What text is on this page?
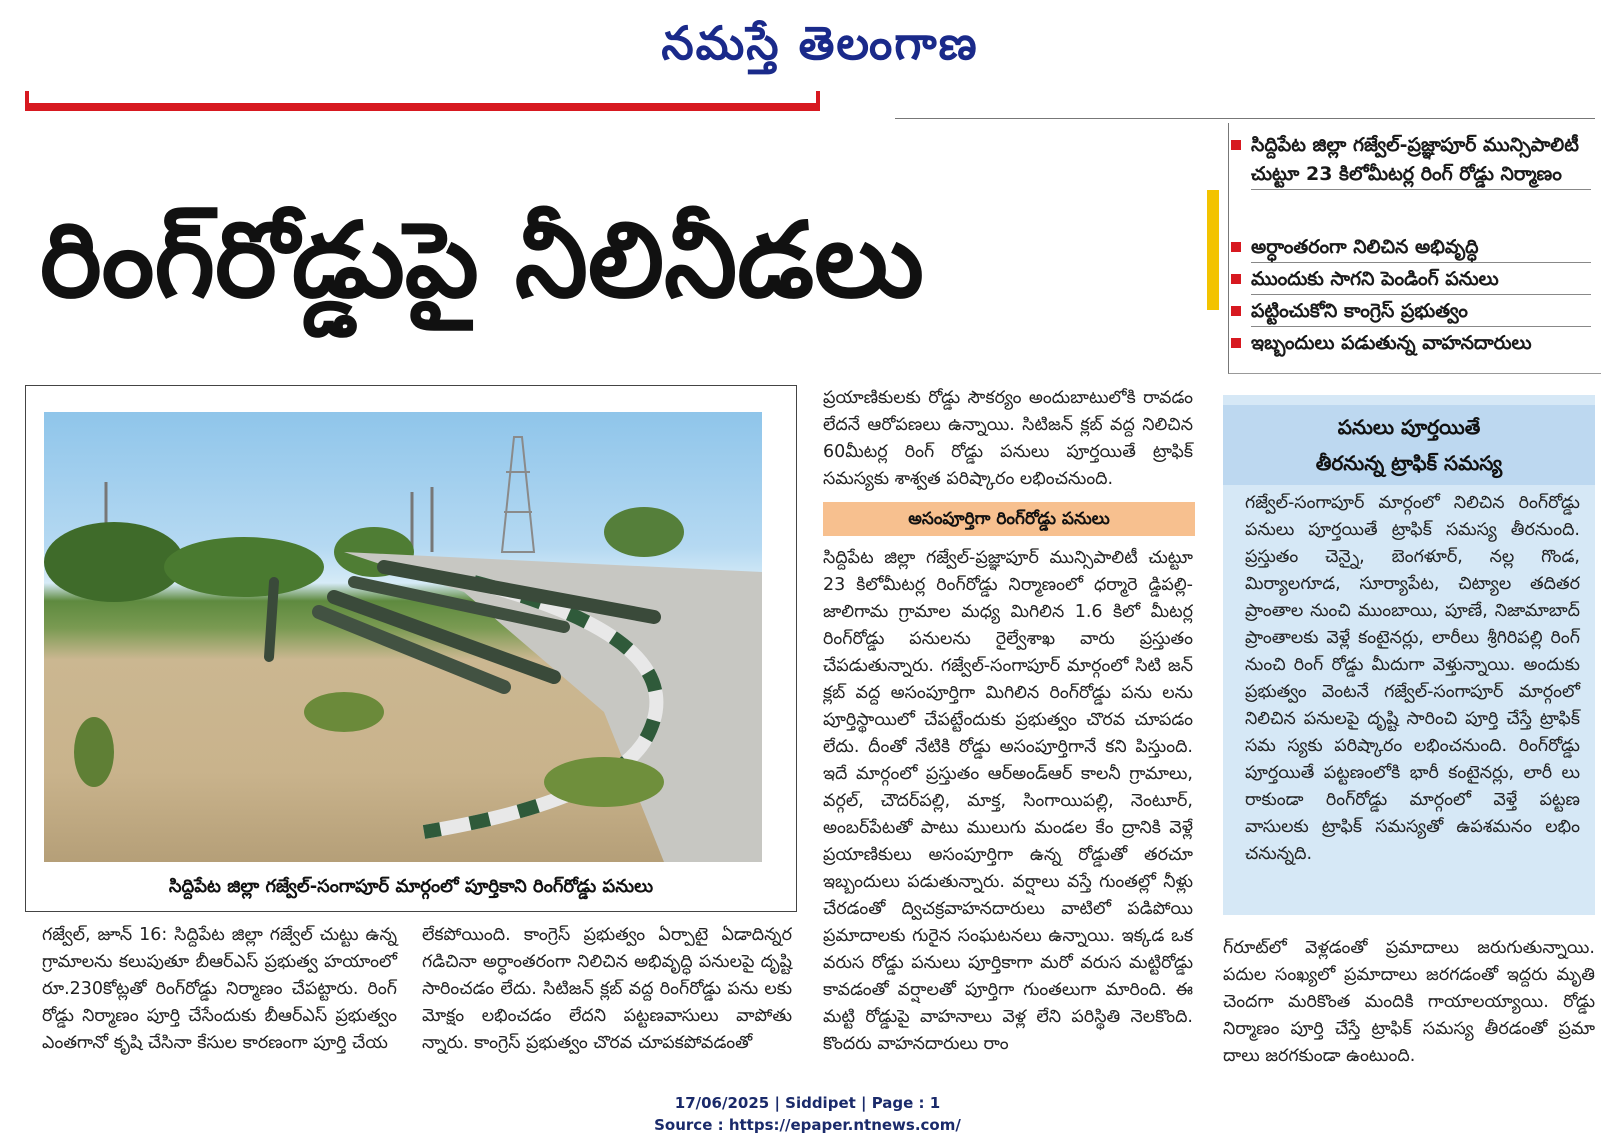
నమస్తే తెలంగాణ
రింగ్‌రోడ్డుపై నీలినీడలు
సిద్దిపేట జిల్లా గజ్వేల్‌-ప్రజ్ఞాపూర్‌ మున్సిపాలిటీ చుట్టూ 23 కిలోమీటర్ల రింగ్‌ రోడ్డు నిర్మాణం
అర్ధాంతరంగా నిలిచిన అభివృద్ధి
ముందుకు సాగని పెండింగ్‌ పనులు
పట్టించుకోని కాంగ్రెస్‌ ప్రభుత్వం
ఇబ్బందులు పడుతున్న వాహనదారులు
సిద్దిపేట జిల్లా గజ్వేల్‌-సంగాపూర్‌ మార్గంలో పూర్తికాని రింగ్‌రోడ్డు పనులు

గజ్వేల్‌, జూన్‌ 16: సిద్దిపేట జిల్లా గజ్వేల్‌ చుట్టు ఉన్న గ్రామాలను కలుపుతూ బీఆర్‌ఎస్‌ ప్రభుత్వ హయాంలో రూ.230కోట్లతో రింగ్‌రోడ్డు నిర్మాణం చేపట్టారు. రింగ్‌ రోడ్డు నిర్మాణం పూర్తి చేసేందుకు బీఆర్‌ఎస్‌ ప్రభుత్వం ఎంతగానో కృషి చేసినా కేసుల కారణంగా పూర్తి చేయ

లేకపోయింది. కాంగ్రెస్‌ ప్రభుత్వం ఏర్పాటై ఏడాదిన్నర గడిచినా అర్ధాంతరంగా నిలిచిన అభివృద్ధి పనులపై దృష్టి సారించడం లేదు. సిటిజన్‌ క్లబ్‌ వద్ద రింగ్‌రోడ్డు పను లకు మోక్షం లభించడం లేదని పట్టణవాసులు వాపోతు న్నారు. కాంగ్రెస్‌ ప్రభుత్వం చొరవ చూపకపోవడంతో

ప్రయాణికులకు రోడ్డు సౌకర్యం అందుబాటులోకి రావడం లేదనే ఆరోపణలు ఉన్నాయి. సిటిజన్‌ క్లబ్‌ వద్ద నిలిచిన 60మీటర్ల రింగ్‌ రోడ్డు పనులు పూర్తయితే ట్రాఫిక్‌ సమస్యకు శాశ్వత పరిష్కారం లభించనుంది.

అసంపూర్తిగా రింగ్‌రోడ్డు పనులు

సిద్దిపేట జిల్లా గజ్వేల్‌-ప్రజ్ఞాపూర్‌ మున్సిపాలిటీ చుట్టూ 23 కిలోమీటర్ల రింగ్‌రోడ్డు నిర్మాణంలో ధర్మారె డ్డిపల్లి-జాలిగామ గ్రామాల మధ్య మిగిలిన 1.6 కిలో మీటర్ల రింగ్‌రోడ్డు పనులను రైల్వేశాఖ వారు ప్రస్తుతం చేపడుతున్నారు. గజ్వేల్‌-సంగాపూర్‌ మార్గంలో సిటి జన్‌ క్లబ్‌ వద్ద అసంపూర్తిగా మిగిలిన రింగ్‌రోడ్డు పను లను పూర్తిస్థాయిలో చేపట్టేందుకు ప్రభుత్వం చొరవ చూపడం లేదు. దీంతో నేటికి రోడ్డు అసంపూర్తిగానే కని పిస్తుంది. ఇదే మార్గంలో ప్రస్తుతం ఆర్‌అండ్‌ఆర్‌ కాలనీ గ్రామాలు, వర్గల్‌, చౌదర్‌పల్లి, మాక్త, సింగాయిపల్లి, నెంటూర్‌, అంబర్‌పేటతో పాటు ములుగు మండల కేం ద్రానికి వెళ్లే ప్రయాణికులు అసంపూర్తిగా ఉన్న రోడ్డుతో తరచూ ఇబ్బందులు పడుతున్నారు. వర్షాలు వస్తే గుంతల్లో నీళ్లు చేరడంతో ద్విచక్రవాహనదారులు వాటిలో పడిపోయి ప్రమాదాలకు గురైన సంఘటనలు ఉన్నాయి. ఇక్కడ ఒక వరుస రోడ్డు పనులు పూర్తికాగా మరో వరుస మట్టిరోడ్డు కావడంతో వర్షాలతో పూర్తిగా గుంతలుగా మారింది. ఈ మట్టి రోడ్డుపై వాహనాలు వెళ్ల లేని పరిస్థితి నెలకొంది. కొందరు వాహనదారులు రాం

పనులు పూర్తయితే
తీరనున్న ట్రాఫిక్‌ సమస్య
గజ్వేల్‌-సంగాపూర్‌ మార్గంలో నిలిచిన రింగ్‌రోడ్డు పనులు పూర్తయితే ట్రాఫిక్‌ సమస్య తీరనుంది. ప్రస్తుతం చెన్నై, బెంగళూర్‌, నల్ల గొండ, మిర్యాలగూడ, సూర్యాపేట, చిట్యాల తదితర ప్రాంతాల నుంచి ముంబాయి, పూణే, నిజామాబాద్‌ ప్రాంతాలకు వెళ్లే కంటైనర్లు, లారీలు శ్రీగిరిపల్లి రింగ్‌ నుంచి రింగ్‌ రోడ్డు మీదుగా వెళ్తున్నాయి. అందుకు ప్రభుత్వం వెంటనే గజ్వేల్‌-సంగాపూర్‌ మార్గంలో నిలిచిన పనులపై దృష్టి సారించి పూర్తి చేస్తే ట్రాఫిక్‌ సమ స్యకు పరిష్కారం లభించనుంది. రింగ్‌రోడ్డు పూర్తయితే పట్టణంలోకి భారీ కంటైనర్లు, లారీ లు రాకుండా రింగ్‌రోడ్డు మార్గంలో వెళ్తే పట్టణ వాసులకు ట్రాఫిక్‌ సమస్యతో ఉపశమనం లభిం చనున్నది.

గ్‌రూట్‌లో వెళ్లడంతో ప్రమాదాలు జరుగుతున్నాయి. పదుల సంఖ్యలో ప్రమాదాలు జరగడంతో ఇద్దరు మృతి చెందగా మరికొంత మందికి గాయాలయ్యాయి. రోడ్డు నిర్మాణం పూర్తి చేస్తే ట్రాఫిక్‌ సమస్య తీరడంతో ప్రమా దాలు జరగకుండా ఉంటుంది.

17/06/2025 | Siddipet | Page : 1
Source : https://epaper.ntnews.com/
